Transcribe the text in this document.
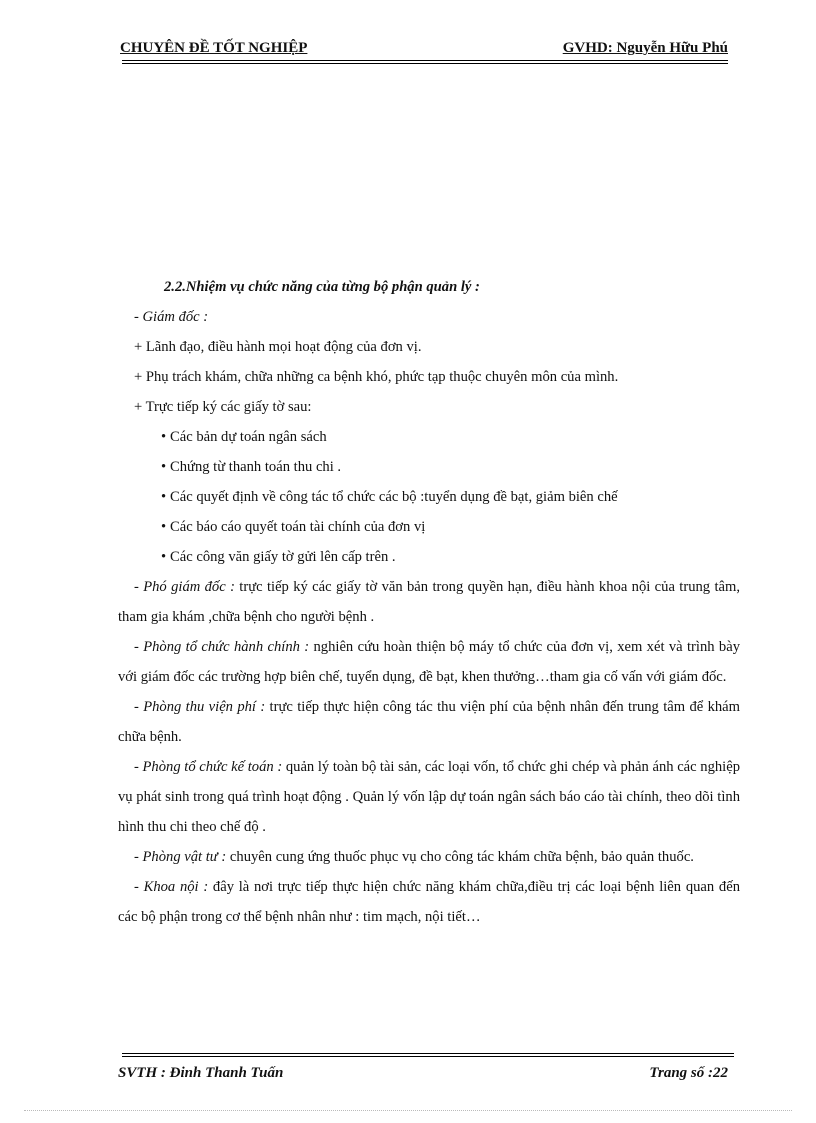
CHUYÊN ĐỀ TỐT NGHIỆP	GVHD: Nguyễn Hữu Phú

2.2.Nhiệm vụ chức năng của từng bộ phận quản lý :

- Giám đốc :

+ Lãnh đạo, điều hành mọi hoạt động của đơn vị.

+ Phụ trách khám, chữa những ca bệnh khó, phức tạp thuộc chuyên môn của mình.

+ Trực tiếp ký các giấy tờ sau:

• Các bản dự toán ngân sách

• Chứng từ thanh toán thu chi .

• Các quyết định về công tác tổ chức các bộ :tuyển dụng đề bạt, giảm biên chế

• Các báo cáo quyết toán tài chính của đơn vị

• Các công văn giấy tờ gửi lên cấp trên .

- Phó giám đốc : trực tiếp ký các giấy tờ văn bản trong quyền hạn, điều hành khoa nội của trung tâm, tham gia khám ,chữa bệnh cho người bệnh .

- Phòng tổ chức hành chính : nghiên cứu hoàn thiện bộ máy tổ chức của đơn vị, xem xét và trình bày với giám đốc các trường hợp biên chế, tuyển dụng, đề bạt, khen thưởng…tham gia cố vấn với giám đốc.

- Phòng thu viện phí : trực tiếp thực hiện công tác thu viện phí của bệnh nhân đến trung tâm để khám chữa bệnh.

- Phòng tổ chức kế toán : quản lý toàn bộ tài sản, các loại vốn, tổ chức ghi chép và phản ánh các nghiệp vụ phát sinh trong quá trình hoạt động . Quản lý vốn lập dự toán ngân sách báo cáo tài chính, theo dõi tình hình thu chi theo chế độ .

- Phòng vật tư : chuyên cung ứng thuốc phục vụ cho công tác khám chữa bệnh, bảo quản thuốc.

- Khoa nội : đây là nơi trực tiếp thực hiện chức năng khám chữa,điều trị các loại bệnh liên quan đến các bộ phận trong cơ thể bệnh nhân như : tim mạch, nội tiết…

SVTH : Đinh Thanh Tuấn	Trang số :22
